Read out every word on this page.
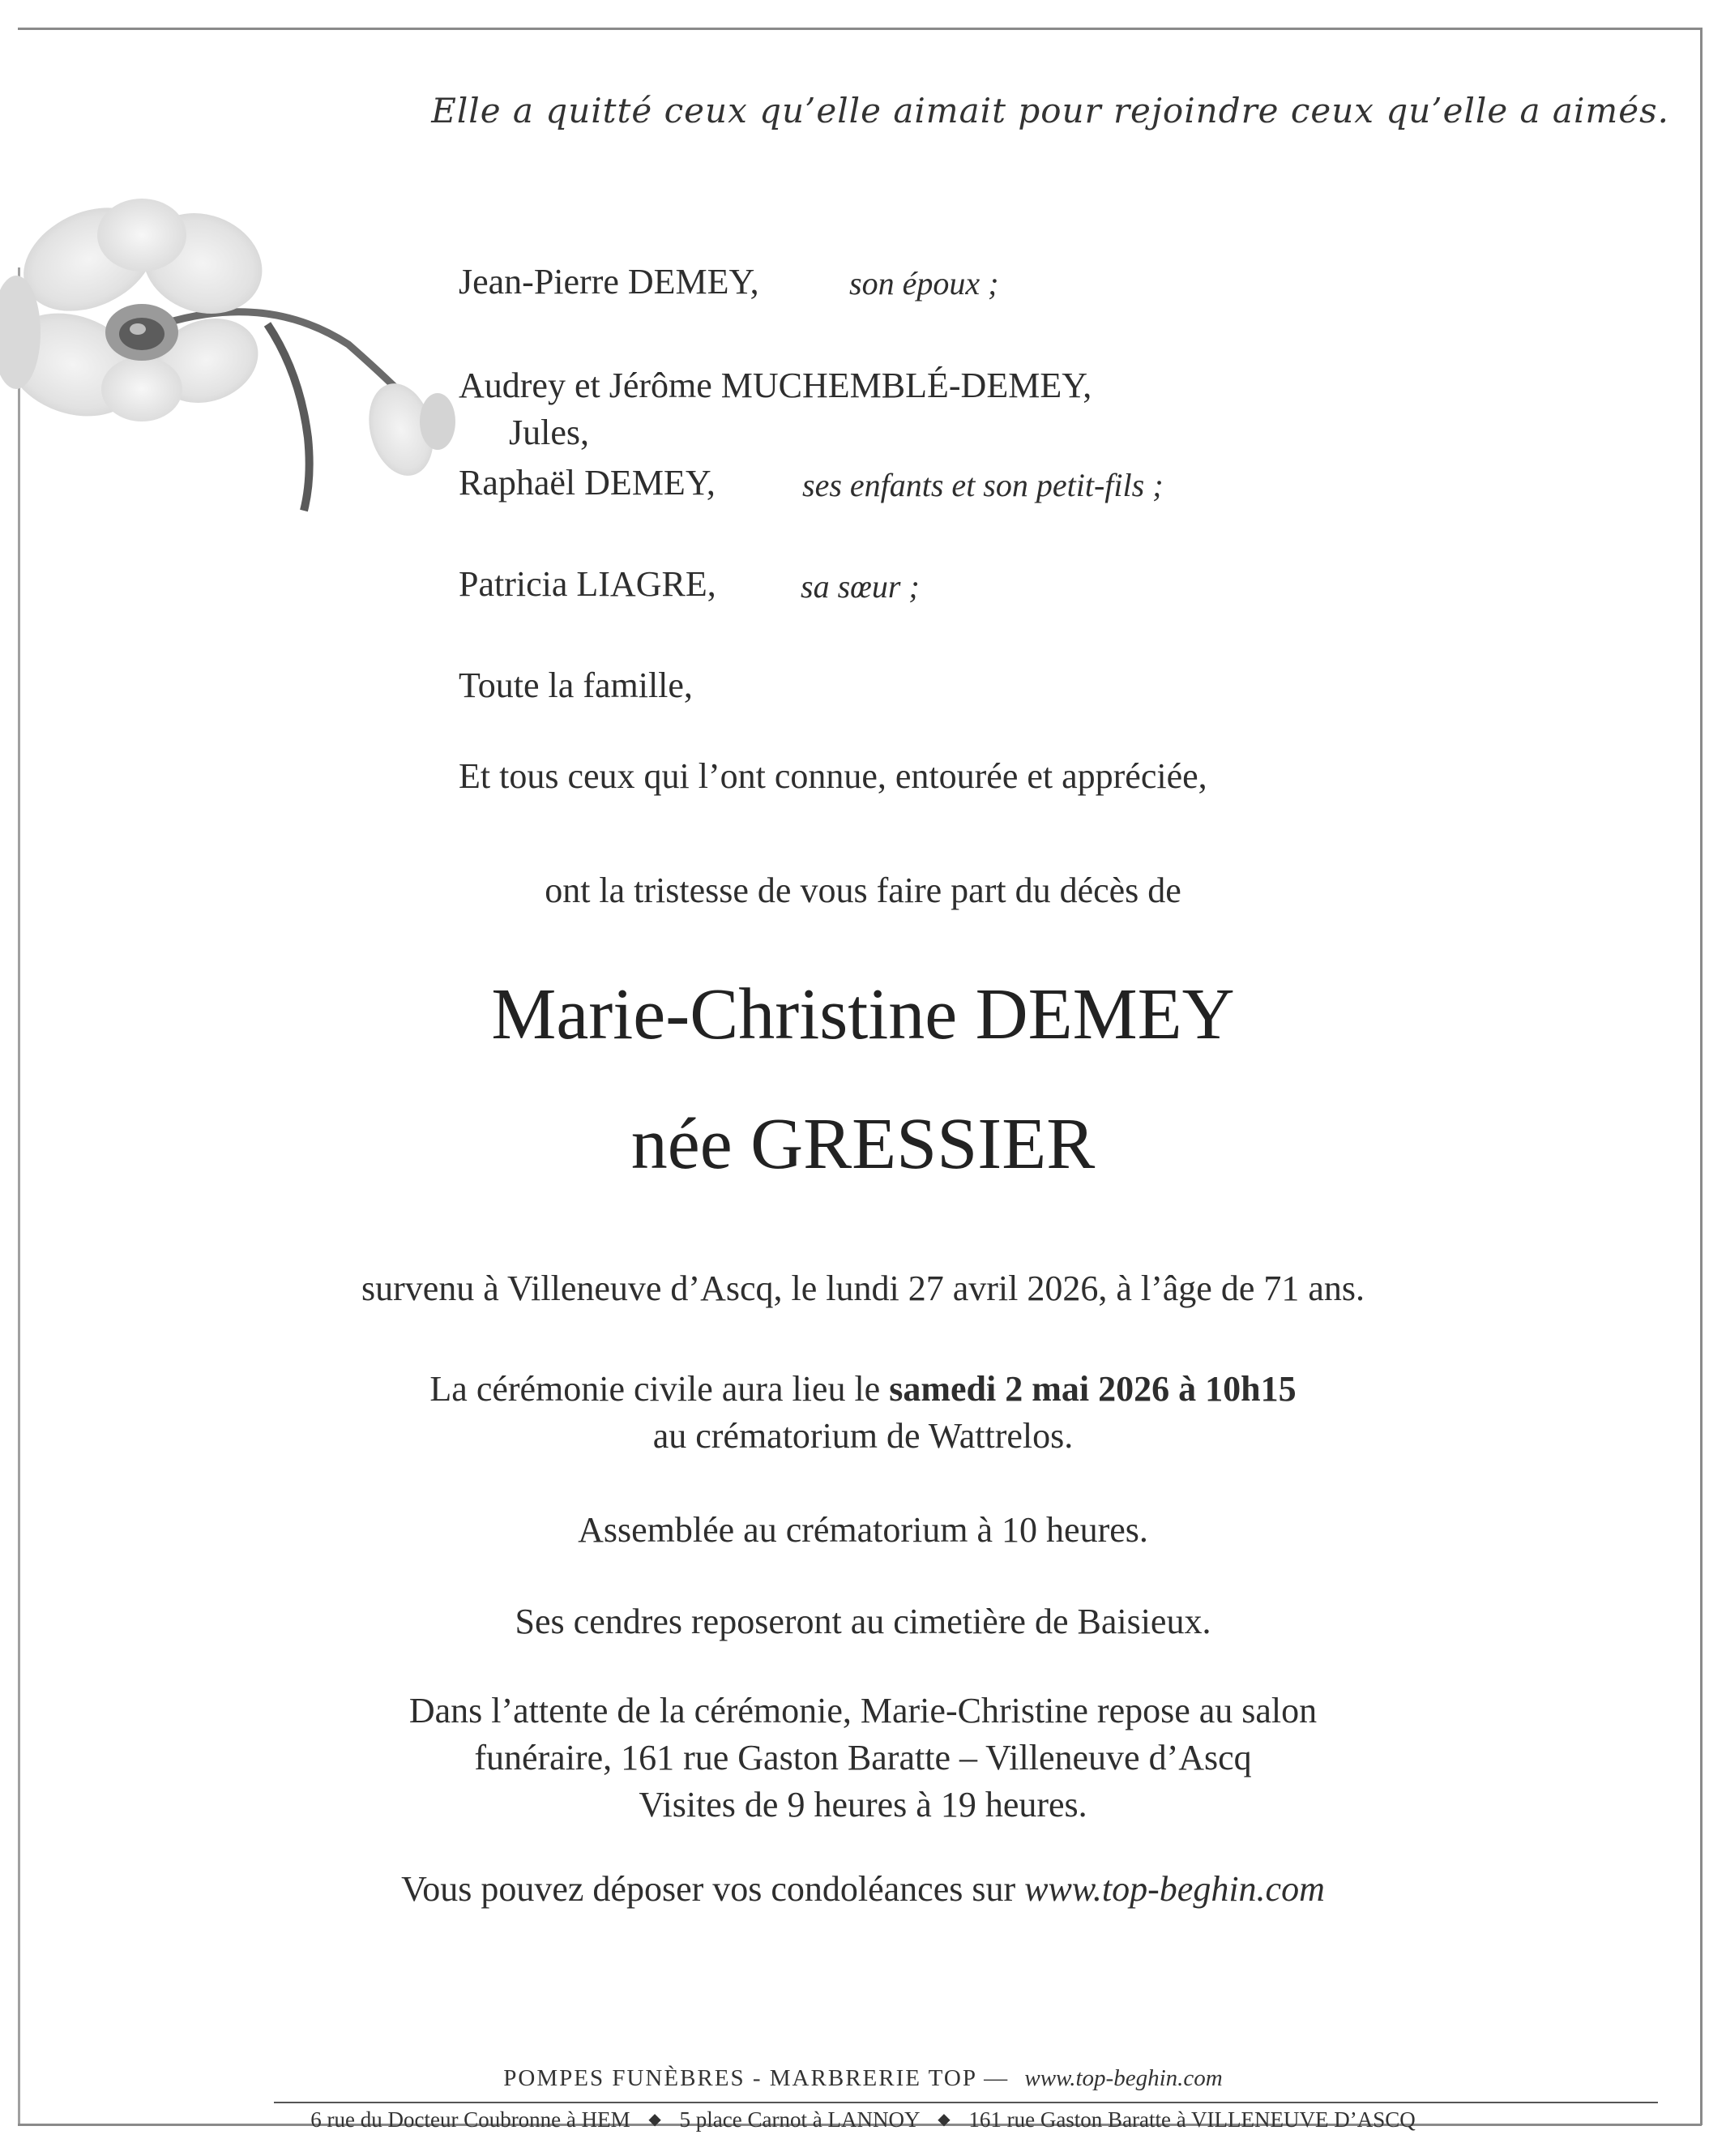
Elle a quitté ceux qu’elle aimait pour rejoindre ceux qu’elle a aimés.
Jean-Pierre DEMEY,	son époux ;
Audrey et Jérôme MUCHEMBLÉ-DEMEY,
Jules,
Raphaël DEMEY,	ses enfants et son petit-fils ;
Patricia LIAGRE,	sa sœur ;
Toute la famille,
Et tous ceux qui l’ont connue, entourée et appréciée,
ont la tristesse de vous faire part du décès de
Marie-Christine DEMEY
née GRESSIER
survenu à Villeneuve d’Ascq, le lundi 27 avril 2026, à l’âge de 71 ans.
La cérémonie civile aura lieu le samedi 2 mai 2026 à 10h15
au crématorium de Wattrelos.
Assemblée au crématorium à 10 heures.
Ses cendres reposeront au cimetière de Baisieux.
Dans l’attente de la cérémonie, Marie-Christine repose au salon
funéraire, 161 rue Gaston Baratte – Villeneuve d’Ascq
Visites de 9 heures à 19 heures.
Vous pouvez déposer vos condoléances sur www.top-beghin.com
POMPES FUNÈBRES - MARBRERIE TOP — www.top-beghin.com
6 rue du Docteur Coubronne à HEM ◆ 5 place Carnot à LANNOY ◆ 161 rue Gaston Baratte à VILLENEUVE D’ASCQ
